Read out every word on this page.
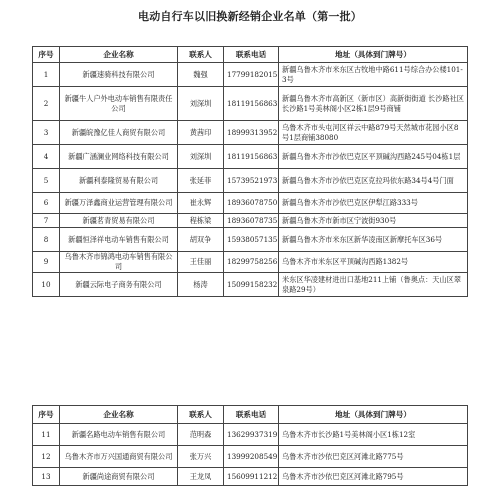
电动自行车以旧换新经销企业名单（第一批）
序号	企业名称	联系人	联系电话	地址（具体到门牌号）
1	新疆速骑科技有限公司	魏强	17799182015	新疆乌鲁木齐市米东区古牧地中路611号综合办公楼101-3号
2	新疆牛人户外电动车销售有限责任公司	刘深圳	18119156863	新疆乌鲁木齐市高新区（新市区）高新街街道 长沙路社区 长沙路1号美林阁小区2栋1层9号商铺
3	新疆皖豫亿佳人商贸有限公司	黄茜印	18999313952	乌鲁木齐市头屯河区祥云中路879号天然城市花园小区8号1层商铺38080
4	新疆广涵澜业网络科技有限公司	刘深圳	18119156863	新疆乌鲁木齐市沙依巴克区平顶碱沟西路245号04栋1层
5	新疆利泰隆贸易有限公司	张延菲	15739521973	新疆乌鲁木齐市沙依巴克区克拉玛依东路34号4号门面
6	新疆万泽鑫商业运营管理有限公司	崔永辉	18936078750	新疆乌鲁木齐市沙依巴克区伊犁江路333号
7	新疆茗青贸易有限公司	程栋梁	18936078735	新疆乌鲁木齐市新市区宁波街930号
8	新疆恒泽祥电动车销售有限公司	胡双争	15938057135	新疆乌鲁木齐市米东区新华凌南区新摩托车区36号
9	乌鲁木齐市锦鸿电动车销售有限公司	王佳丽	18299758256	乌鲁木齐市米东区平顶碱沟西路1382号
10	新疆云际电子商务有限公司	杨涛	15099158232	米东区华凌建材进出口基地211上铺（鲁奥点：天山区翠泉路29号）
序号	企业名称	联系人	联系电话	地址（具体到门牌号）
11	新疆名路电动车销售有限公司	范明森	13629937319	乌鲁木齐市长沙路1号美林阁小区1栋12室
12	乌鲁木齐市万兴国通商贸有限公司	张万兴	13999208549	乌鲁木齐市沙依巴克区河滩北路775号
13	新疆尚途商贸有限公司	王龙凤	15609911212	乌鲁木齐市沙依巴克区河滩北路795号
